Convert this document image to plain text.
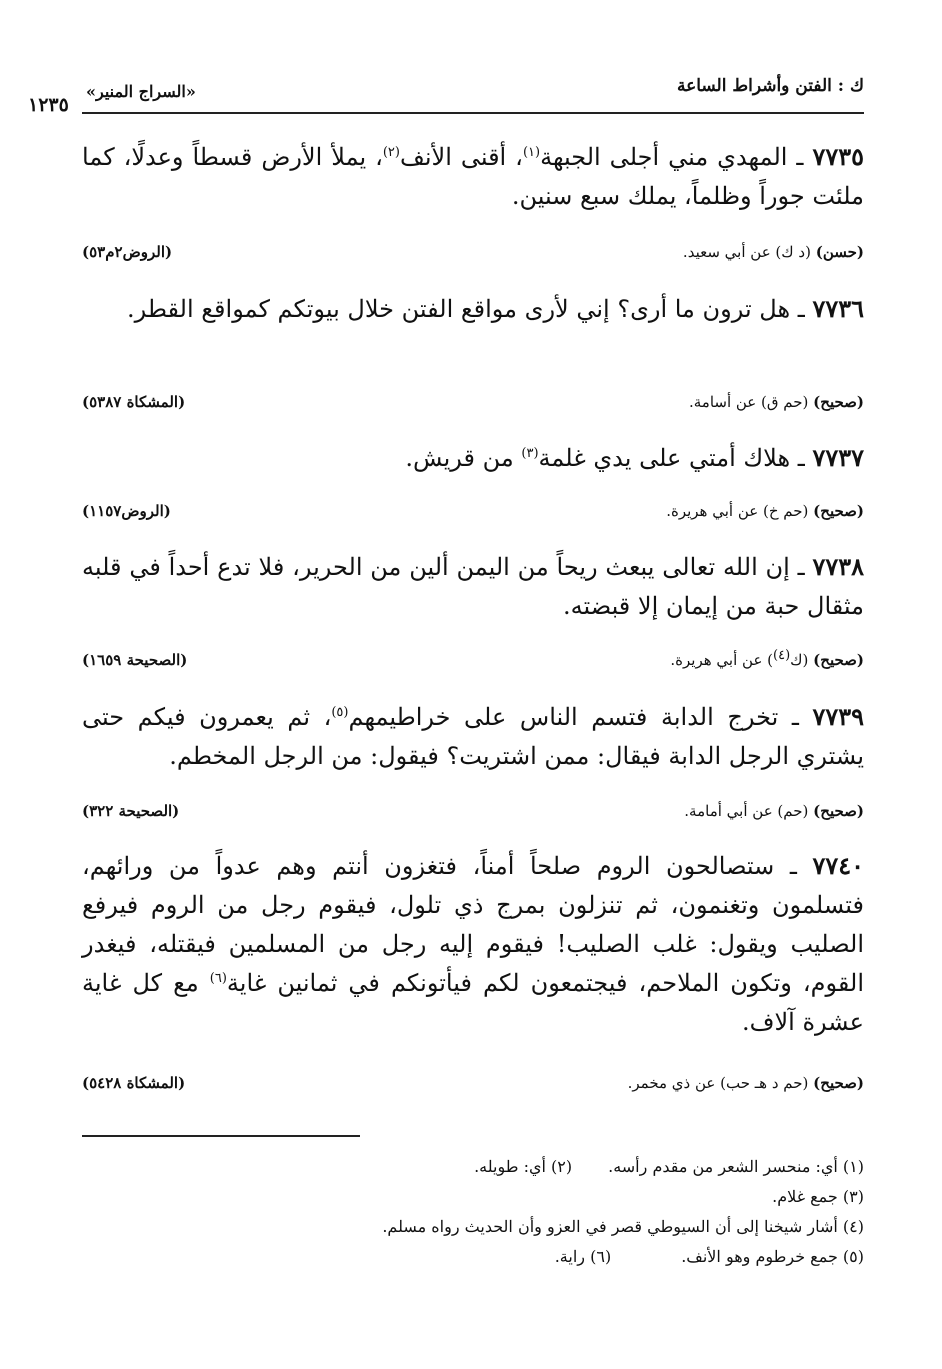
ك : الفتن وأشراط الساعة
«السراج المنير»
١٢٣٥
٧٧٣٥ ـ المهدي مني أجلى الجبهة$^{(١)}$، أقنى الأنف$^{(٢)}$، يملأ الأرض قسطاً وعدلًا، كما ملئت جوراً وظلماً، يملك سبع سنين.
(حسن) (د ك) عن أبي سعيد.
(الروض٢م٥٣)
٧٧٣٦ ـ هل ترون ما أرى؟ إني لأرى مواقع الفتن خلال بيوتكم كمواقع القطر.
(صحيح) (حم ق) عن أسامة.
(المشكاة ٥٣٨٧)
٧٧٣٧ ـ هلاك أمتي على يدي غلمة$^{(٣)}$ من قريش.
(صحيح) (حم خ) عن أبي هريرة.
(الروض١١٥٧)
٧٧٣٨ ـ إن الله تعالى يبعث ريحاً من اليمن ألين من الحرير، فلا تدع أحداً في قلبه مثقال حبة من إيمان إلا قبضته.
(صحيح) (ك(٤)) عن أبي هريرة.
(الصحيحة ١٦٥٩)
٧٧٣٩ ـ تخرج الدابة فتسم الناس على خراطيمهم$^{(٥)}$، ثم يعمرون فيكم حتى يشتري الرجل الدابة فيقال: ممن اشتريت؟ فيقول: من الرجل المخطم.
(صحيح) (حم) عن أبي أمامة.
(الصحيحة ٣٢٢)
٧٧٤٠ ـ ستصالحون الروم صلحاً أمناً، فتغزون أنتم وهم عدواً من ورائهم، فتسلمون وتغنمون، ثم تنزلون بمرج ذي تلول، فيقوم رجل من الروم فيرفع الصليب ويقول: غلب الصليب! فيقوم إليه رجل من المسلمين فيقتله، فيغدر القوم، وتكون الملاحم، فيجتمعون لكم فيأتونكم في ثمانين غاية$^{(٦)}$ مع كل غاية عشرة آلاف.
(صحيح) (حم د هـ حب) عن ذي مخمر.
(المشكاة ٥٤٢٨)
(١) أي: منحسر الشعر من مقدم رأسه.(٢) أي: طويله.
(٣) جمع غلام.
(٤) أشار شيخنا إلى أن السيوطي قصر في العزو وأن الحديث رواه مسلم.
(٥) جمع خرطوم وهو الأنف.(٦) راية.
